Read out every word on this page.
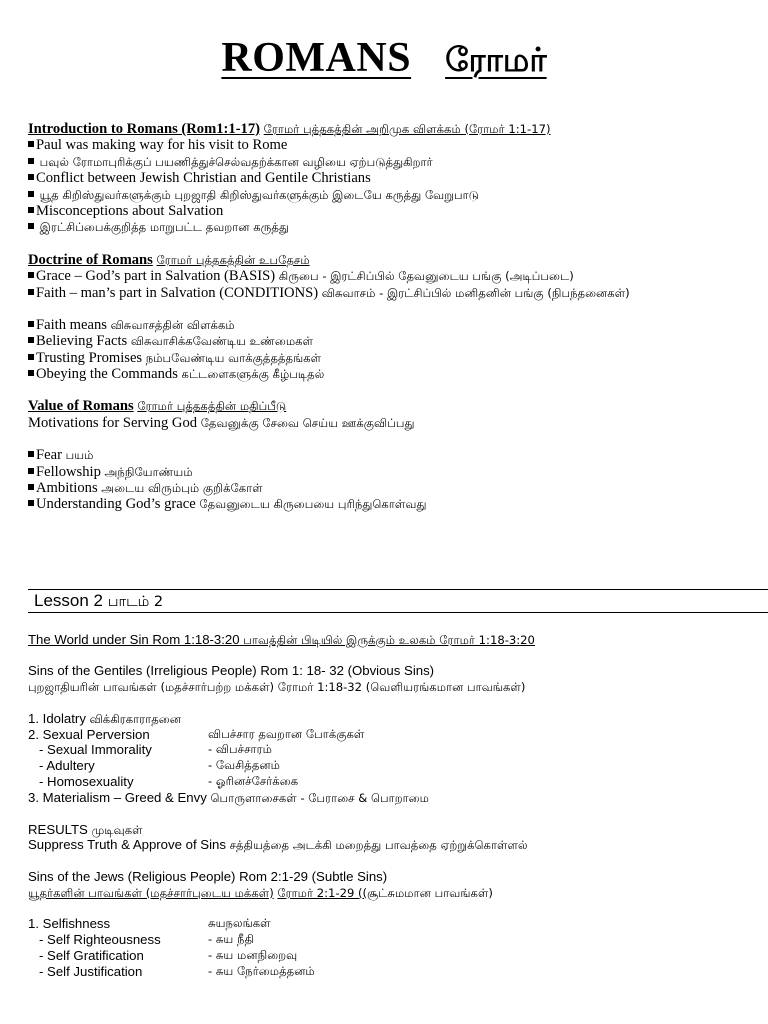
ROMANS ரோமர்
Introduction to Romans (Rom1:1-17) ரோமர் புத்தகத்தின் அறிமுக விளக்கம் (ரோமர் 1:1-17)
Paul was making way for his visit to Rome
பவுல் ரோமாபுரிக்குப் பயணித்துச்செல்வதற்க்கான வழியை ஏற்படுத்துகிறார்
Conflict between Jewish Christian and Gentile Christians
யூத கிறிஸ்துவர்களுக்கும் புறஜாதி கிறிஸ்துவர்களுக்கும் இடையே கருத்து வேறுபாடு
Misconceptions about Salvation
இரட்சிப்பைக்குறித்த மாறுபட்ட தவறான கருத்து
Doctrine of Romans ரோமர் புத்தகத்தின் உபதேசம்
Grace – God’s part in Salvation (BASIS) கிருபை - இரட்சிப்பில் தேவனுடைய பங்கு (அடிப்படை)
Faith – man’s part in Salvation (CONDITIONS) விசுவாசம் - இரட்சிப்பில் மனிதனின் பங்கு (நிபந்தனைகள்)
Faith means விசுவாசத்தின் விளக்கம்
Believing Facts விசுவாசிக்கவேண்டிய உண்மைகள்
Trusting Promises நம்பவேண்டிய வாக்குத்தத்தங்கள்
Obeying the Commands கட்டளைகளுக்கு கீழ்படிதல்
Value of Romans ரோமர் புத்தகத்தின் மதிப்பீடு
Motivations for Serving God தேவனுக்கு சேவை செய்ய ஊக்குவிப்பது
Fear பயம்
Fellowship அந்நியோண்யம்
Ambitions அடைய விரும்பும் குறிக்கோள்
Understanding God’s grace தேவனுடைய கிருபையை புரிந்துகொள்வது
Lesson 2 பாடம் 2
The World under Sin Rom 1:18-3:20 பாவத்தின் பிடியில் இருக்கும் உலகம் ரோமர் 1:18-3:20
Sins of the Gentiles (Irreligious People) Rom 1: 18- 32 (Obvious Sins)
புறஜாதியரின் பாவங்கள் (மதச்சார்பற்ற மக்கள்) ரோமர் 1:18-32 (வெளியரங்கமான பாவங்கள்)
1. Idolatry விக்கிரகாராதனை
2. Sexual Perversion	விபச்சார தவறான போக்குகள்
- Sexual Immorality	- விபச்சாரம்
- Adultery	- வேசித்தனம்
- Homosexuality	- ஓரினச்சேர்க்கை
3. Materialism – Greed & Envy பொருளாசைகள் - பேராசை & பொறாமை
RESULTS முடிவுகள்
Suppress Truth & Approve of Sins சத்தியத்தை அடக்கி மறைத்து பாவத்தை ஏற்றுக்கொள்ளல்
Sins of the Jews (Religious People) Rom 2:1-29 (Subtle Sins)
யூதர்களின் பாவங்கள் (மதச்சார்புடைய மக்கள்) ரோமர் 2:1-29 ((சூட்சுமமான பாவங்கள்)
1. Selfishness	சுயநலங்கள்
- Self Righteousness	- சுய நீதி
- Self Gratification	- சுய மனநிறைவு
- Self Justification	- சுய நேர்மைத்தனம்
